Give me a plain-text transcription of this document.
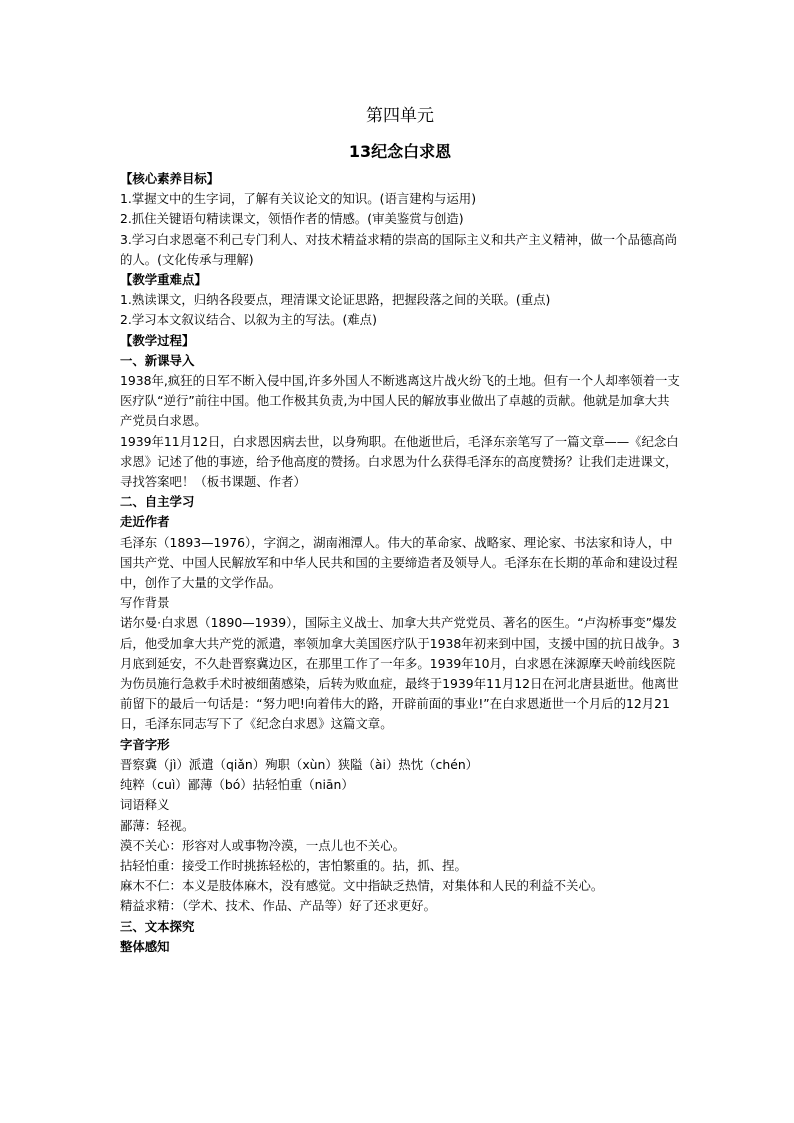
第四单元
13纪念白求恩

【核心素养目标】

1.掌握文中的生字词，了解有关议论文的知识。(语言建构与运用)

2.抓住关键语句精读课文，领悟作者的情感。(审美鉴赏与创造)

3.学习白求恩毫不利己专门利人、对技术精益求精的崇高的国际主义和共产主义精神，做一个品德高尚的人。(文化传承与理解)

【教学重难点】

1.熟读课文，归纳各段要点，理清课文论证思路，把握段落之间的关联。(重点)

2.学习本文叙议结合、以叙为主的写法。(难点)

【教学过程】

一、新课导入

1938年,疯狂的日军不断入侵中国,许多外国人不断逃离这片战火纷飞的土地。但有一个人却率领着一支医疗队“逆行”前往中国。他工作极其负责,为中国人民的解放事业做出了卓越的贡献。他就是加拿大共产党员白求恩。

1939年11月12日，白求恩因病去世，以身殉职。在他逝世后，毛泽东亲笔写了一篇文章——《纪念白求恩》记述了他的事迹，给予他高度的赞扬。白求恩为什么获得毛泽东的高度赞扬？让我们走进课文，寻找答案吧！（板书课题、作者）

二、自主学习

走近作者

毛泽东（1893—1976），字润之，湖南湘潭人。伟大的革命家、战略家、理论家、书法家和诗人，中国共产党、中国人民解放军和中华人民共和国的主要缔造者及领导人。毛泽东在长期的革命和建设过程中，创作了大量的文学作品。

写作背景

诺尔曼·白求恩（1890—1939），国际主义战士、加拿大共产党党员、著名的医生。“卢沟桥事变”爆发后，他受加拿大共产党的派遣，率领加拿大美国医疗队于1938年初来到中国，支援中国的抗日战争。3月底到延安，不久赴晋察冀边区，在那里工作了一年多。1939年10月，白求恩在涞源摩天岭前线医院为伤员施行急救手术时被细菌感染，后转为败血症，最终于1939年11月12日在河北唐县逝世。他离世前留下的最后一句话是：“努力吧!向着伟大的路，开辟前面的事业!”在白求恩逝世一个月后的12月21日，毛泽东同志写下了《纪念白求恩》这篇文章。

字音字形

晋察冀（jì）派遣（qiǎn）殉职（xùn）狭隘（ài）热忱（chén）

纯粹（cuì）鄙薄（bó）拈轻怕重（niān）

词语释义

鄙薄：轻视。

漠不关心：形容对人或事物冷漠，一点儿也不关心。

拈轻怕重：接受工作时挑拣轻松的，害怕繁重的。拈，抓、捏。

麻木不仁：本义是肢体麻木，没有感觉。文中指缺乏热情，对集体和人民的利益不关心。

精益求精：（学术、技术、作品、产品等）好了还求更好。

三、文本探究

整体感知
